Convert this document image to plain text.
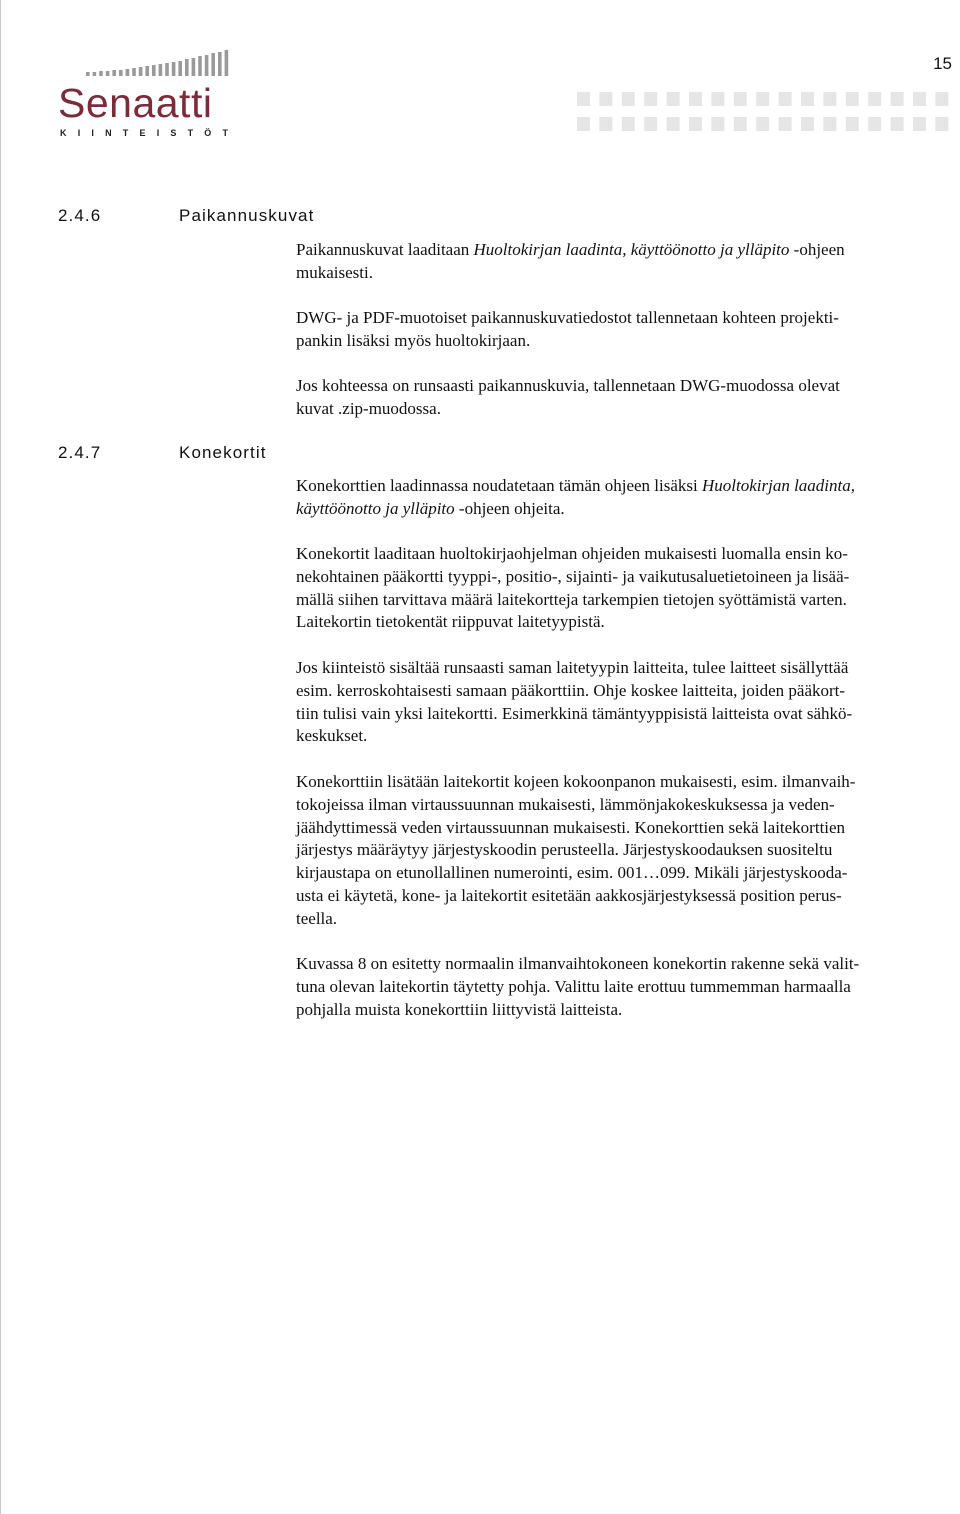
15
Senaatti
KIINTEISTÖT
2.4.6	Paikannuskuvat

Paikannuskuvat laaditaan Huoltokirjan laadinta, käyttöönotto ja ylläpito -ohjeen
mukaisesti.

DWG- ja PDF-muotoiset paikannuskuvatiedostot tallennetaan kohteen projekti-
pankin lisäksi myös huoltokirjaan.

Jos kohteessa on runsaasti paikannuskuvia, tallennetaan DWG-muodossa olevat
kuvat .zip-muodossa.

2.4.7	Konekortit

Konekorttien laadinnassa noudatetaan tämän ohjeen lisäksi Huoltokirjan laadinta,
käyttöönotto ja ylläpito -ohjeen ohjeita.

Konekortit laaditaan huoltokirjaohjelman ohjeiden mukaisesti luomalla ensin ko-
nekohtainen pääkortti tyyppi-, positio-, sijainti- ja vaikutusaluetietoineen ja lisää-
mällä siihen tarvittava määrä laitekortteja tarkempien tietojen syöttämistä varten.
Laitekortin tietokentät riippuvat laitetyypistä.

Jos kiinteistö sisältää runsaasti saman laitetyypin laitteita, tulee laitteet sisällyttää
esim. kerroskohtaisesti samaan pääkorttiin. Ohje koskee laitteita, joiden pääkort-
tiin tulisi vain yksi laitekortti. Esimerkkinä tämäntyyppisistä laitteista ovat sähkö-
keskukset.

Konekorttiin lisätään laitekortit kojeen kokoonpanon mukaisesti, esim. ilmanvaih-
tokojeissa ilman virtaussuunnan mukaisesti, lämmönjakokeskuksessa ja veden-
jäähdyttimessä veden virtaussuunnan mukaisesti. Konekorttien sekä laitekorttien
järjestys määräytyy järjestyskoodin perusteella. Järjestyskoodauksen suositeltu
kirjaustapa on etunollallinen numerointi, esim. 001…099. Mikäli järjestyskooda-
usta ei käytetä, kone- ja laitekortit esitetään aakkosjärjestyksessä position perus-
teella.

Kuvassa 8 on esitetty normaalin ilmanvaihtokoneen konekortin rakenne sekä valit-
tuna olevan laitekortin täytetty pohja. Valittu laite erottuu tummemman harmaalla
pohjalla muista konekorttiin liittyvistä laitteista.
